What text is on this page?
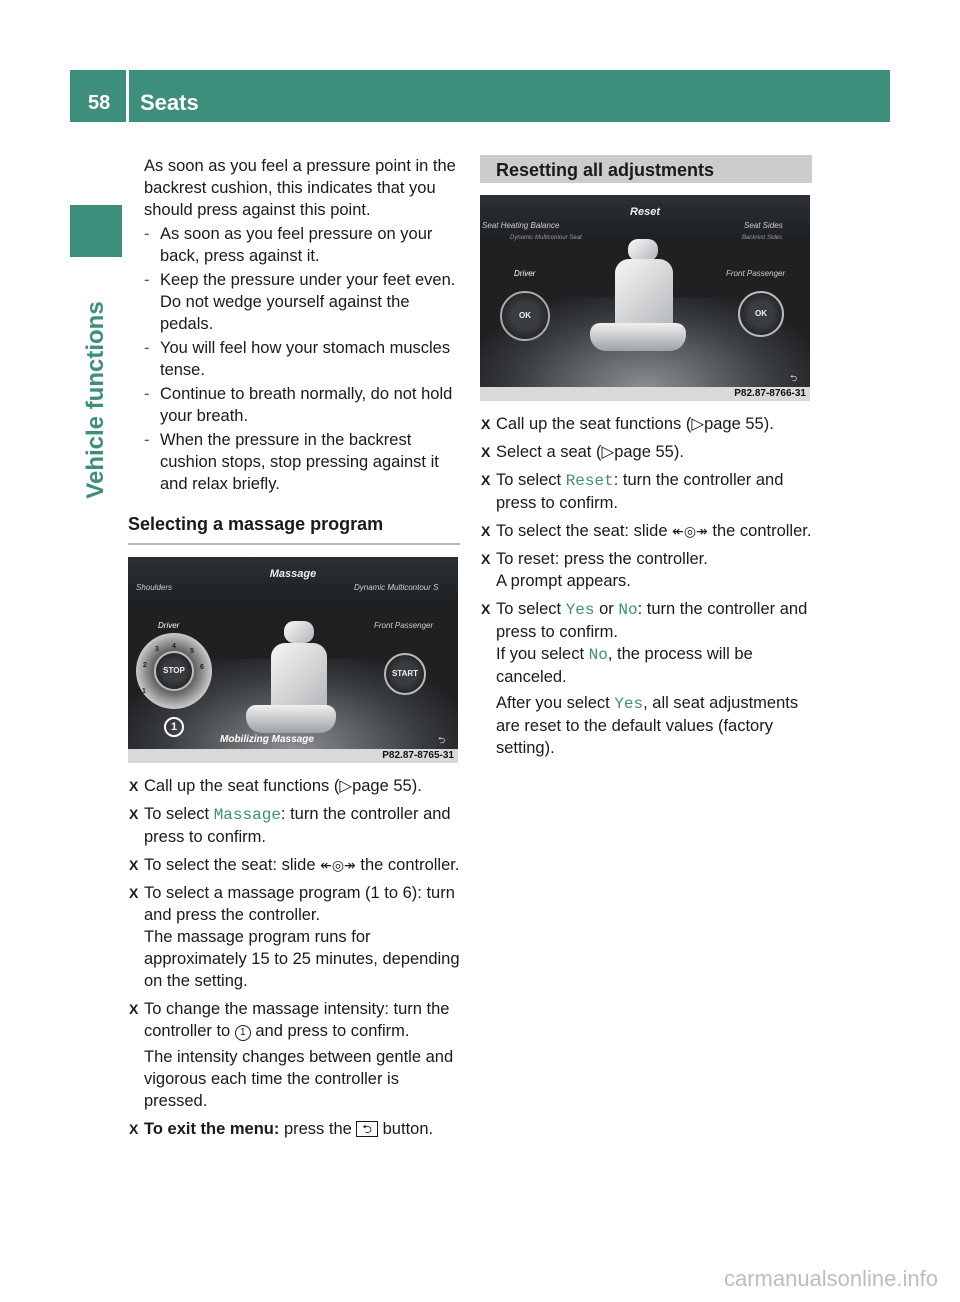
58	Seats
Vehicle functions

As soon as you feel a pressure point in the backrest cushion, this indicates that you should press against this point.

- As soon as you feel pressure on your back, press against it.
- Keep the pressure under your feet even. Do not wedge yourself against the pedals.
- You will feel how your stomach muscles tense.
- Continue to breath normally, do not hold your breath.
- When the pressure in the backrest cushion stops, stop pressing against it and relax briefly.
Selecting a massage program
Massage
Shoulders	Dynamic Multicontour S
Driver	Front Passenger
3 4
5
6
2
1
STOP
1
START
Mobilizing Massage	⮌
P82.87-8765-31
X Call up the seat functions (▷page 55).
X To select Massage: turn the controller and press to confirm.
X To select the seat: slide ↞◎↠ the controller.
X To select a massage program (1 to 6): turn and press the controller.
The massage program runs for approximately 15 to 25 minutes, depending on the setting.
X To change the massage intensity: turn the controller to 1 and press to confirm.
The intensity changes between gentle and vigorous each time the controller is pressed.
X To exit the menu: press the ⮌ button.
Resetting all adjustments
Reset
Seat Heating Balance
Dynamic Multicontour Seat
Seat Sides
Backrest Sides
Driver	Front Passenger
OK	OK
⮌
P82.87-8766-31
X Call up the seat functions (▷page 55).
X Select a seat (▷page 55).
X To select Reset: turn the controller and press to confirm.
X To select the seat: slide ↞◎↠ the controller.
X To reset: press the controller.
A prompt appears.
X To select Yes or No: turn the controller and press to confirm.
If you select No, the process will be canceled.
After you select Yes, all seat adjustments are reset to the default values (factory setting).
carmanualsonline.info
